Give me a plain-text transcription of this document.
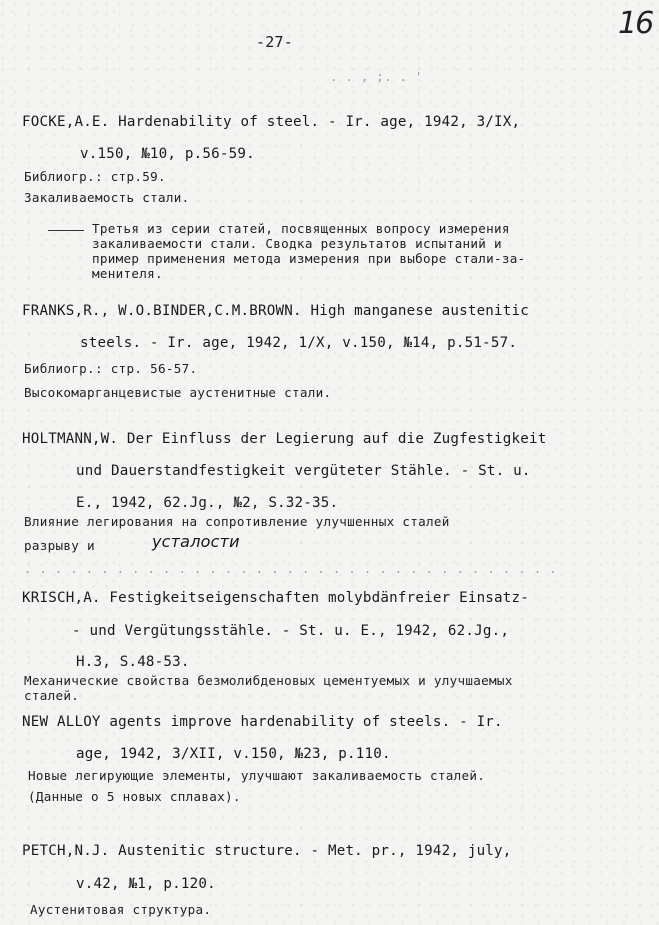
-27-
16
. . , ;. . '
FOCKE,A.E. Hardenability of steel. - Ir. age, 1942, 3/IX,
v.150, №10, p.56-59.
Библиогр.: стр.59.
Закаливаемость стали.
Третья из серии статей, посвященных вопросу измерения
закаливаемости стали. Сводка результатов испытаний и
пример применения метода измерения при выборе стали-за-
менителя.
FRANKS,R., W.O.BINDER,C.M.BROWN. High manganese austenitic
steels. - Ir. age, 1942, 1/X, v.150, №14, p.51-57.
Библиогр.: стр. 56-57.
Высокомарганцевистые аустенитные стали.
HOLTMANN,W. Der Einfluss der Legierung auf die Zugfestigkeit
und Dauerstandfestigkeit vergüteter Stähle. - St. u.
E., 1942, 62.Jg., №2, S.32-35.
Влияние легирования на сопротивление улучшенных сталей
разрыву и	усталости
. . . . . . . . . . . . . . . . . . . . . . . . . . . . . . . . . . .
KRISCH,A. Festigkeitseigenschaften molybdänfreier Einsatz-
- und Vergütungsstähle. - St. u. E., 1942, 62.Jg.,
H.3, S.48-53.
Механические свойства безмолибденовых цементуемых и улучшаемых
сталей.
NEW ALLOY agents improve hardenability of steels. - Ir.
age, 1942, 3/XII, v.150, №23, p.110.
Новые легирующие элементы, улучшают закаливаемость сталей.
(Данные о 5 новых сплавах).
PETCH,N.J. Austenitic structure. - Met. pr., 1942, july,
v.42, №1, p.120.
Аустенитовая структура.
